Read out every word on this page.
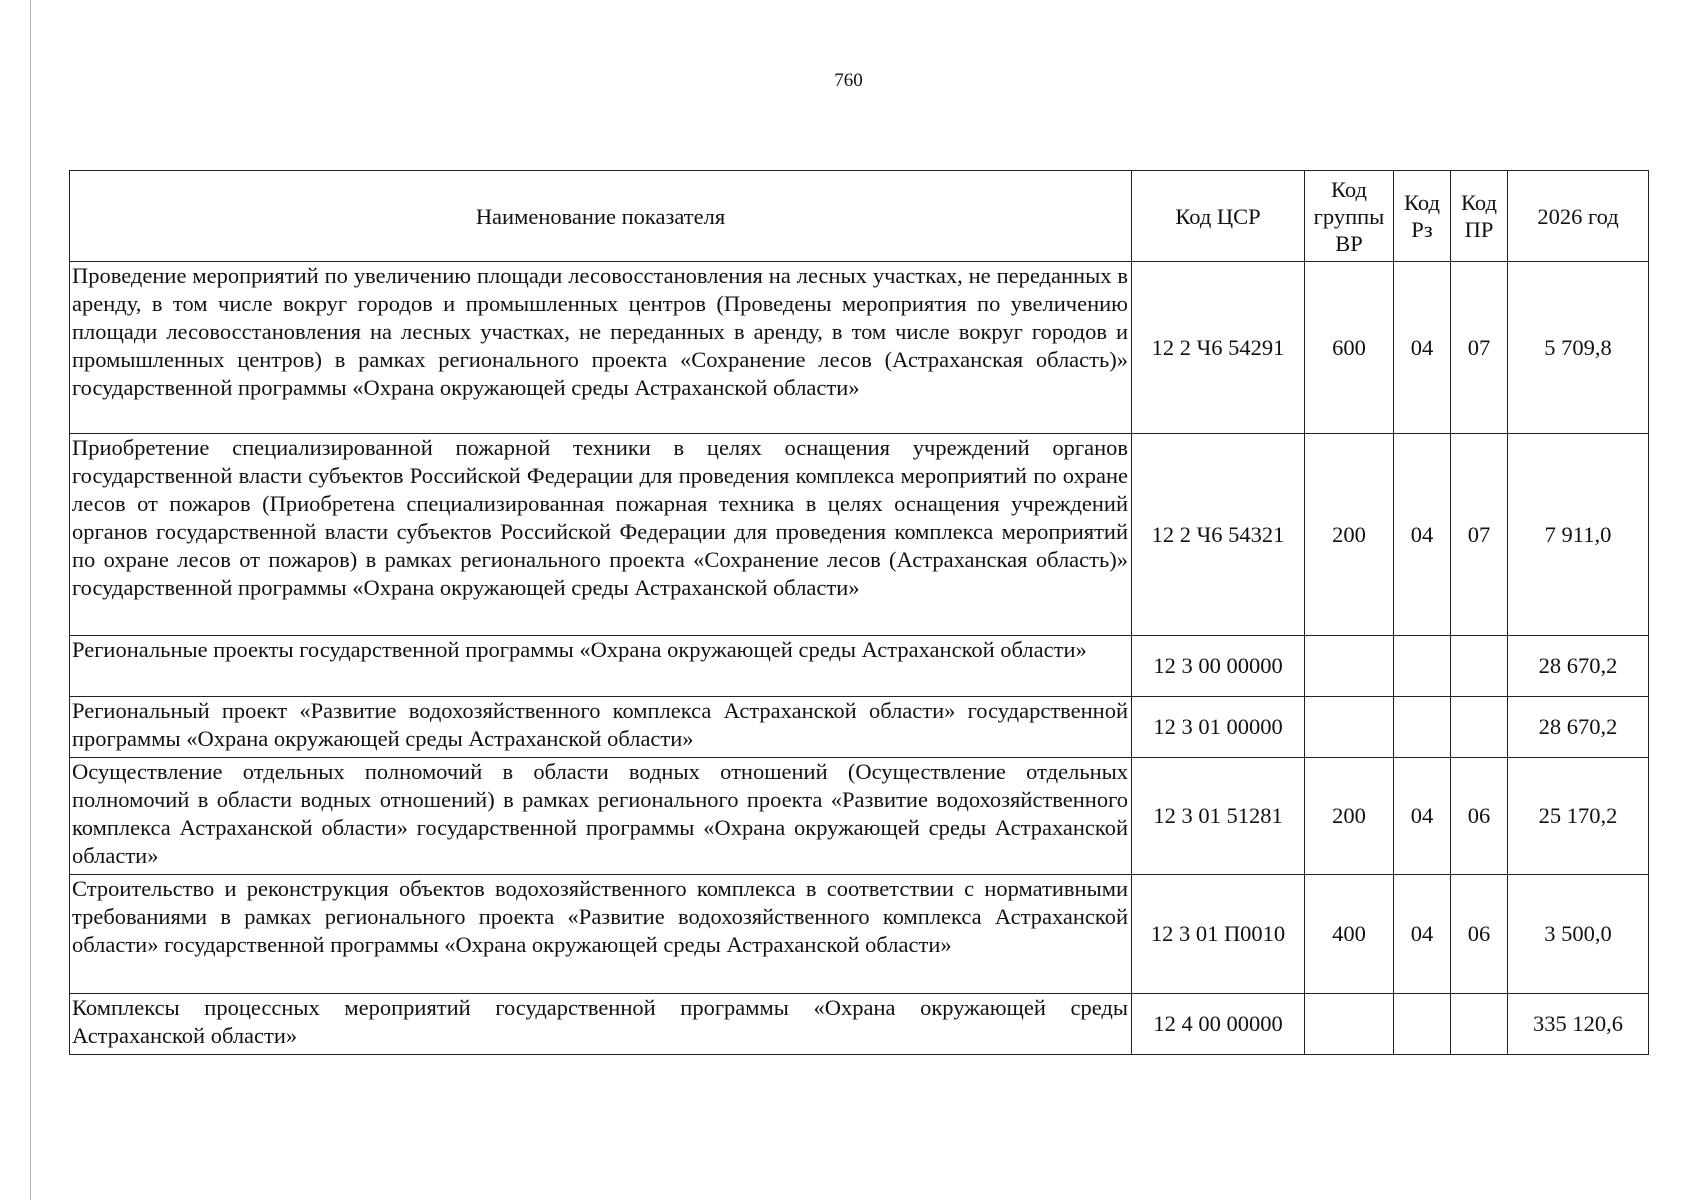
760
Наименование показателя	Код ЦСР	Код группы ВР	Код Рз	Код ПР	2026 год
Проведение мероприятий по увеличению площади лесовосстановления на лесных участках, не переданных в аренду, в том числе вокруг городов и промышленных центров (Проведены мероприятия по увеличению площади лесовосстановления на лесных участках, не переданных в аренду, в том числе вокруг городов и промышленных центров) в рамках регионального проекта «Сохранение лесов (Астраханская область)» государственной программы «Охрана окружающей среды Астраханской области»	12 2 Ч6 54291	600	04	07	5 709,8
Приобретение специализированной пожарной техники в целях оснащения учреждений органов государственной власти субъектов Российской Федерации для проведения комплекса мероприятий по охране лесов от пожаров (Приобретена специализированная пожарная техника в целях оснащения учреждений органов государственной власти субъектов Российской Федерации для проведения комплекса мероприятий по охране лесов от пожаров) в рамках регионального проекта «Сохранение лесов (Астраханская область)» государственной программы «Охрана окружающей среды Астраханской области»	12 2 Ч6 54321	200	04	07	7 911,0
Региональные проекты государственной программы «Охрана окружающей среды Астраханской области»	12 3 00 00000				28 670,2
Региональный проект «Развитие водохозяйственного комплекса Астраханской области» государственной программы «Охрана окружающей среды Астраханской области»	12 3 01 00000				28 670,2
Осуществление отдельных полномочий в области водных отношений (Осуществление отдельных полномочий в области водных отношений) в рамках регионального проекта «Развитие водохозяйственного комплекса Астраханской области» государственной программы «Охрана окружающей среды Астраханской области»	12 3 01 51281	200	04	06	25 170,2
Строительство и реконструкция объектов водохозяйственного комплекса в соответствии с нормативными требованиями в рамках регионального проекта «Развитие водохозяйственного комплекса Астраханской области» государственной программы «Охрана окружающей среды Астраханской области»	12 3 01 П0010	400	04	06	3 500,0
Комплексы процессных мероприятий государственной программы «Охрана окружающей среды Астраханской области»	12 4 00 00000				335 120,6
